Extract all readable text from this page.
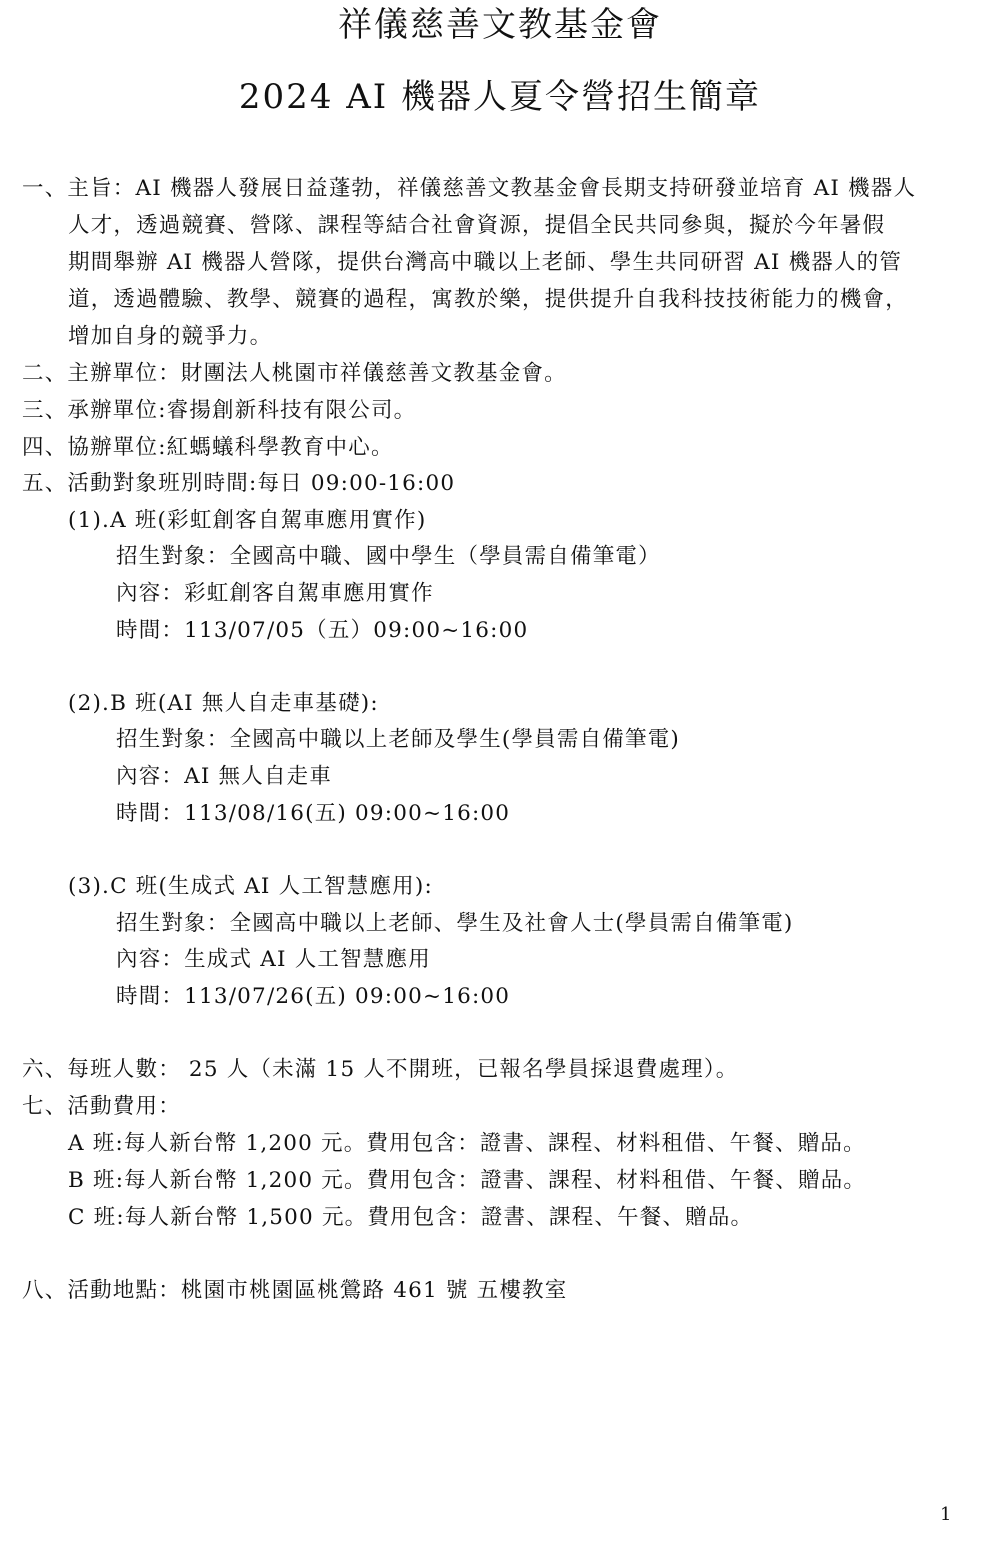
祥儀慈善文教基金會
2024 AI 機器人夏令營招生簡章
一、主旨：AI 機器人發展日益蓬勃，祥儀慈善文教基金會長期支持研發並培育 AI 機器人
人才，透過競賽、營隊、課程等結合社會資源，提倡全民共同參與，擬於今年暑假
期間舉辦 AI 機器人營隊，提供台灣高中職以上老師、學生共同研習 AI 機器人的管
道，透過體驗、教學、競賽的過程，寓教於樂，提供提升自我科技技術能力的機會，
增加自身的競爭力。
二、主辦單位：財團法人桃園市祥儀慈善文教基金會。
三、承辦單位:睿揚創新科技有限公司。
四、協辦單位:紅螞蟻科學教育中心。
五、活動對象班別時間:每日 09:00-16:00
(1).A 班(彩虹創客自駕車應用實作)
招生對象：全國高中職、國中學生（學員需自備筆電）
內容：彩虹創客自駕車應用實作
時間：113/07/05（五）09:00~16:00
(2).B 班(AI 無人自走車基礎):
招生對象：全國高中職以上老師及學生(學員需自備筆電)
內容：AI 無人自走車
時間：113/08/16(五) 09:00~16:00
(3).C 班(生成式 AI 人工智慧應用):
招生對象：全國高中職以上老師、學生及社會人士(學員需自備筆電)
內容：生成式 AI 人工智慧應用
時間：113/07/26(五) 09:00~16:00
六、每班人數： 25 人（未滿 15 人不開班，已報名學員採退費處理）。
七、活動費用：
A 班:每人新台幣 1,200 元。費用包含：證書、課程、材料租借、午餐、贈品。
B 班:每人新台幣 1,200 元。費用包含：證書、課程、材料租借、午餐、贈品。
C 班:每人新台幣 1,500 元。費用包含：證書、課程、午餐、贈品。
八、活動地點：桃園市桃園區桃鶯路 461 號 五樓教室
1
